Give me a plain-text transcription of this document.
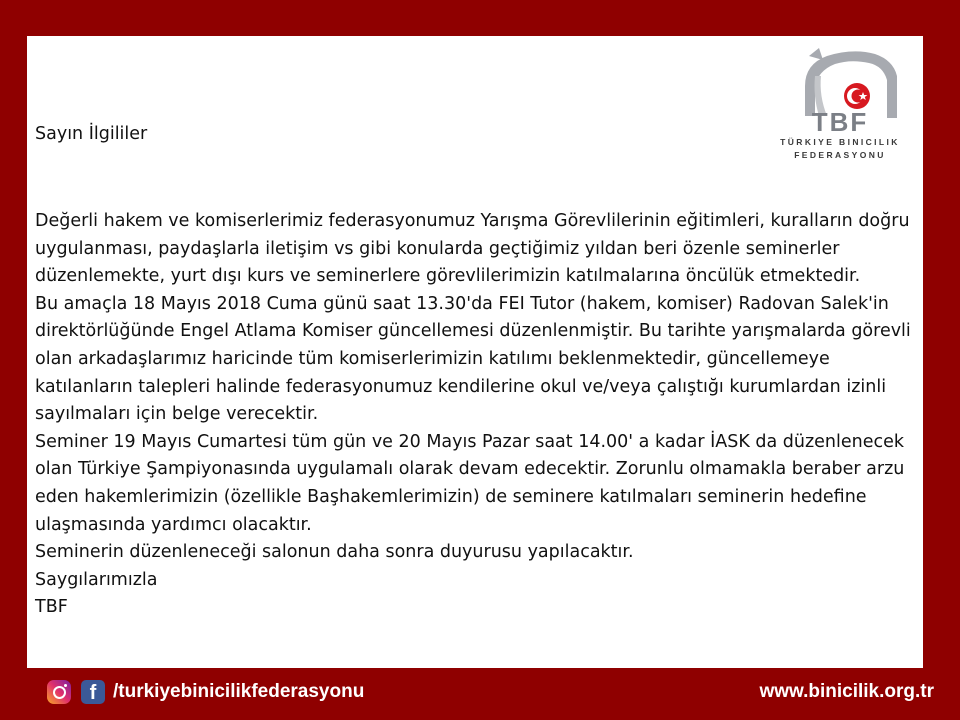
TBF
TÜRKIYE BINICILIK
FEDERASYONU

Sayın İlgililer

Değerli hakem ve komiserlerimiz federasyonumuz Yarışma Görevlilerinin eğitimleri, kuralların doğru uygulanması, paydaşlarla iletişim vs gibi konularda geçtiğimiz yıldan beri özenle seminerler düzenlemekte, yurt dışı kurs ve seminerlere görevlilerimizin katılmalarına öncülük etmektedir.

Bu amaçla 18 Mayıs 2018 Cuma günü saat 13.30'da FEI Tutor (hakem, komiser) Radovan Salek'in direktörlüğünde Engel Atlama Komiser güncellemesi düzenlenmiştir. Bu tarihte yarışmalarda görevli olan arkadaşlarımız haricinde tüm komiserlerimizin katılımı beklenmektedir, güncellemeye katılanların talepleri halinde federasyonumuz kendilerine okul ve/veya çalıştığı kurumlardan izinli sayılmaları için belge verecektir.

Seminer 19 Mayıs Cumartesi tüm gün ve 20 Mayıs Pazar saat 14.00' a kadar İASK da düzenlenecek olan Türkiye Şampiyonasında uygulamalı olarak devam edecektir. Zorunlu olmamakla beraber arzu eden hakemlerimizin (özellikle Başhakemlerimizin) de seminere katılmaları seminerin hedefine ulaşmasında yardımcı olacaktır.

Seminerin düzenleneceği salonun daha sonra duyurusu yapılacaktır.

Saygılarımızla

TBF

f /turkiyebinicilikfederasyonu	www.binicilik.org.tr
